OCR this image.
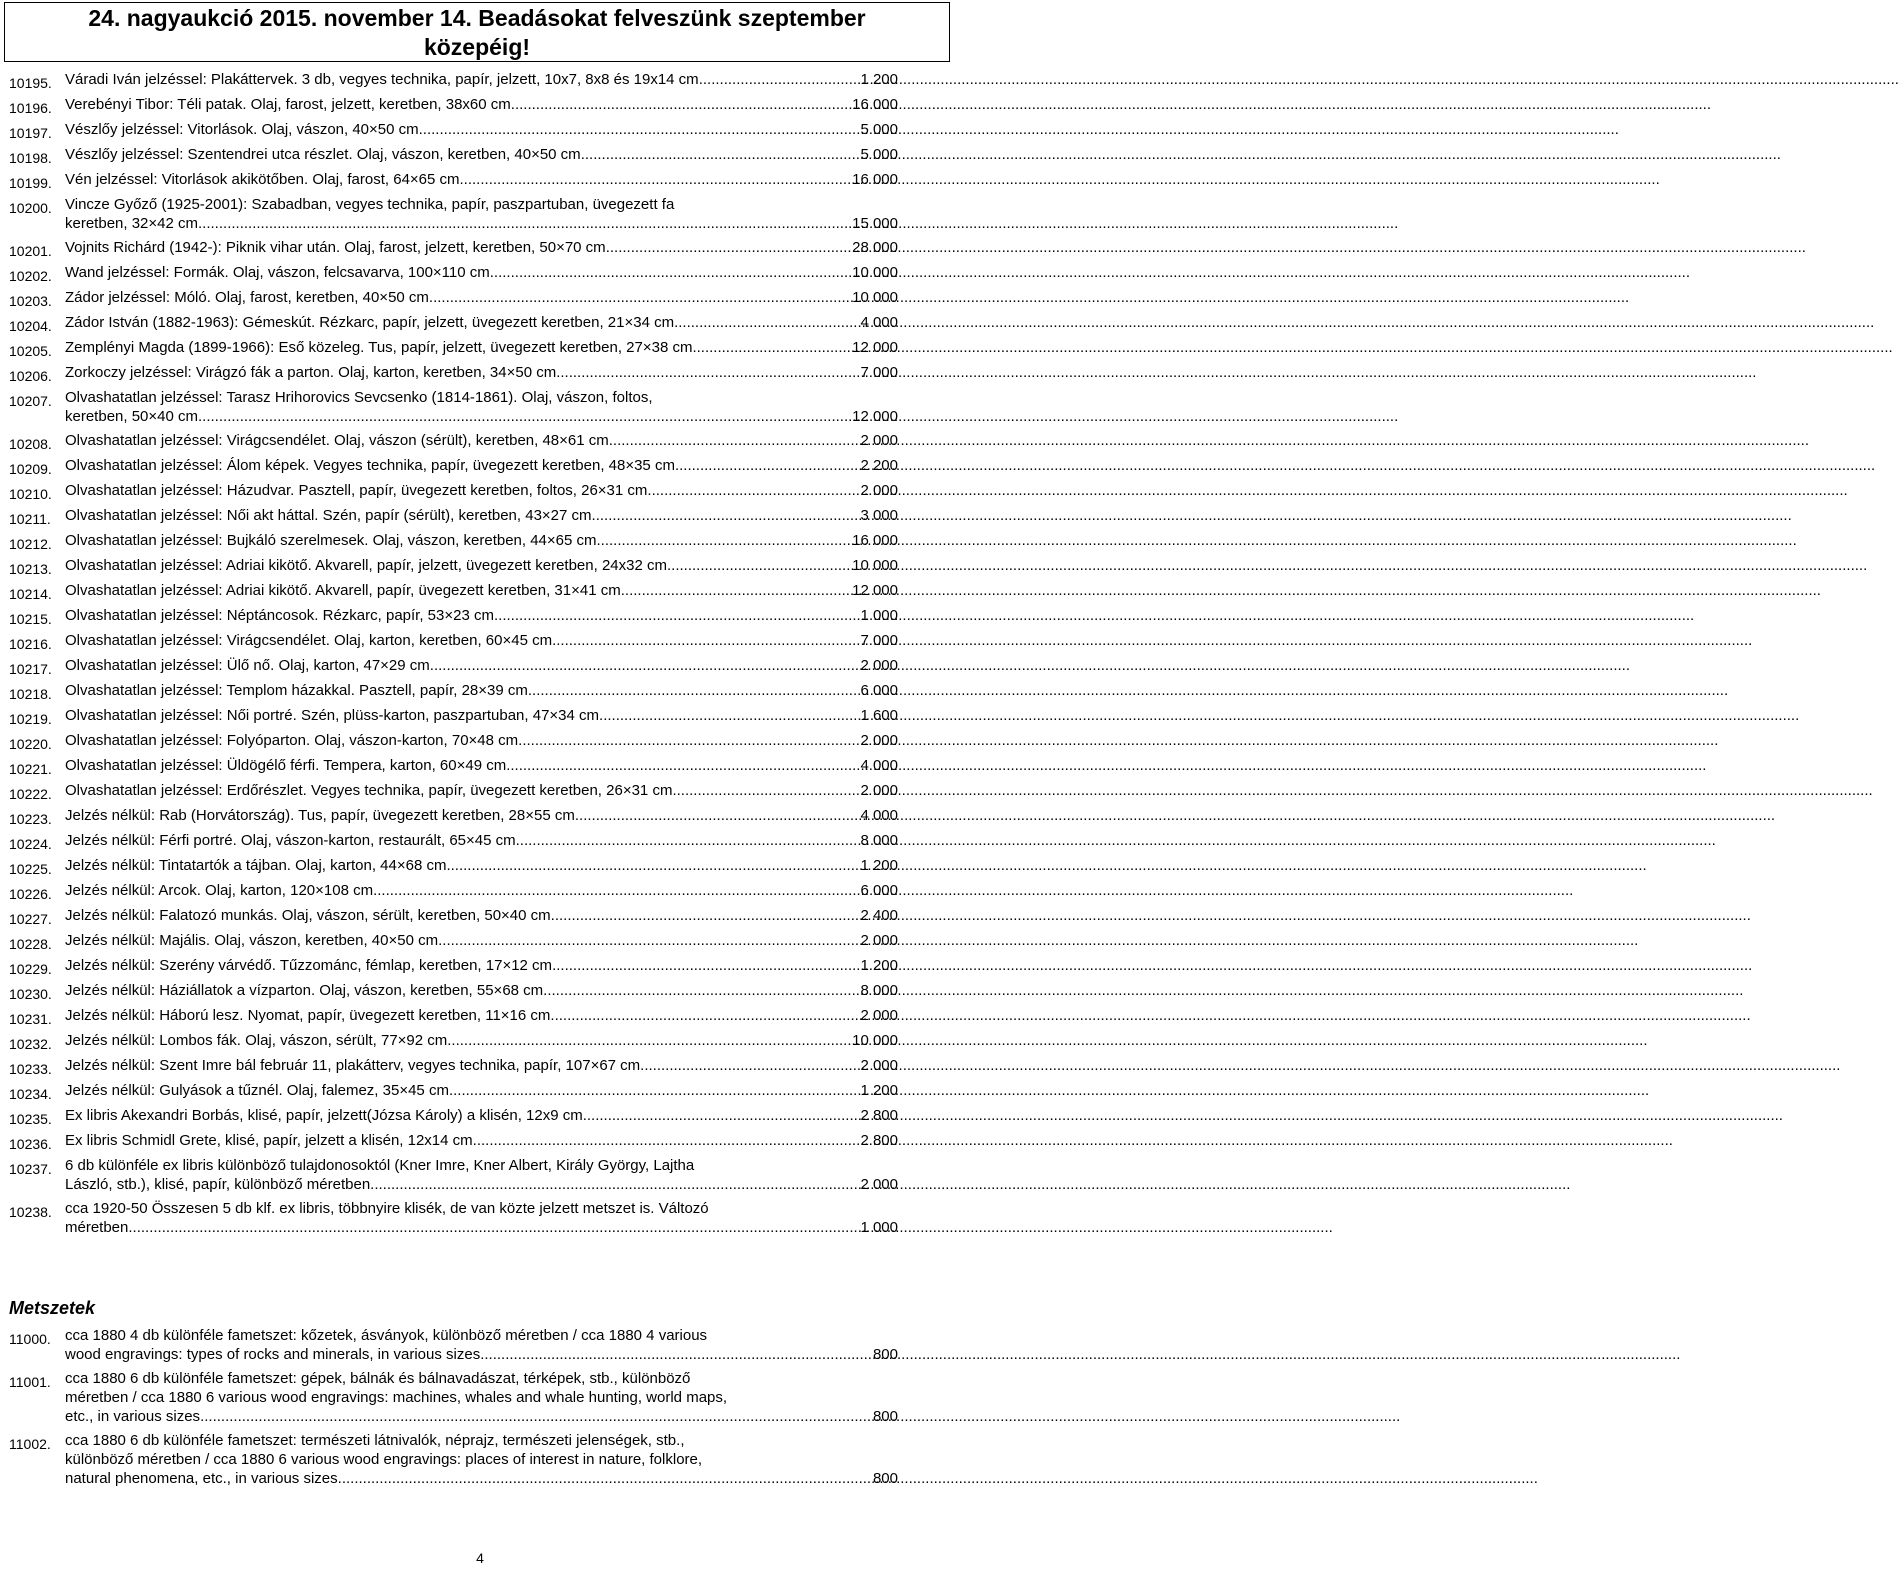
24. nagyaukció 2015. november 14. Beadásokat felveszünk szeptember
közepéig!
10195. Váradi Iván jelzéssel: Plakáttervek. 3 db, vegyes technika, papír, jelzett, 10x7, 8x8 és 19x14 cm .....	1 200
10196. Verebényi Tibor: Téli patak. Olaj, farost, jelzett, keretben, 38x60 cm .....	16 000
10197. Vészlőy jelzéssel: Vitorlások. Olaj, vászon, 40×50 cm .....	5 000
10198. Vészlőy jelzéssel: Szentendrei utca részlet. Olaj, vászon, keretben, 40×50 cm .....	5 000
10199. Vén jelzéssel: Vitorlások akikötőben. Olaj, farost, 64×65 cm .....	16 000
10200. Vincze Győző (1925-2001): Szabadban, vegyes technika, papír, paszpartuban, üvegezett fa
keretben, 32×42 cm .....	15 000
10201. Vojnits Richárd (1942-): Piknik vihar után. Olaj, farost, jelzett, keretben, 50×70 cm .....	28 000
10202. Wand jelzéssel: Formák. Olaj, vászon, felcsavarva, 100×110 cm .....	10 000
10203. Zádor jelzéssel: Móló. Olaj, farost, keretben, 40×50 cm .....	10 000
10204. Zádor István (1882-1963): Gémeskút. Rézkarc, papír, jelzett, üvegezett keretben, 21×34 cm .....	4 000
10205. Zemplényi Magda (1899-1966): Eső közeleg. Tus, papír, jelzett, üvegezett keretben, 27×38 cm .....	12 000
10206. Zorkoczy jelzéssel: Virágzó fák a parton. Olaj, karton, keretben, 34×50 cm .....	7 000
10207. Olvashatatlan jelzéssel: Tarasz Hrihorovics Sevcsenko (1814-1861). Olaj, vászon, foltos,
keretben, 50×40 cm .....	12 000
10208. Olvashatatlan jelzéssel: Virágcsendélet. Olaj, vászon (sérült), keretben, 48×61 cm .....	2 000
10209. Olvashatatlan jelzéssel: Álom képek. Vegyes technika, papír, üvegezett keretben, 48×35 cm .....	2 200
10210. Olvashatatlan jelzéssel: Házudvar. Pasztell, papír, üvegezett keretben, foltos, 26×31 cm .....	2 000
10211. Olvashatatlan jelzéssel: Női akt háttal. Szén, papír (sérült), keretben, 43×27 cm .....	3 000
10212. Olvashatatlan jelzéssel: Bujkáló szerelmesek. Olaj, vászon, keretben, 44×65 cm .....	16 000
10213. Olvashatatlan jelzéssel: Adriai kikötő. Akvarell, papír, jelzett, üvegezett keretben, 24x32 cm .....	10 000
10214. Olvashatatlan jelzéssel: Adriai kikötő. Akvarell, papír, üvegezett keretben, 31×41 cm .....	12 000
10215. Olvashatatlan jelzéssel: Néptáncosok. Rézkarc, papír, 53×23 cm .....	1 000
10216. Olvashatatlan jelzéssel: Virágcsendélet. Olaj, karton, keretben, 60×45 cm .....	7 000
10217. Olvashatatlan jelzéssel: Ülő nő. Olaj, karton, 47×29 cm .....	2 000
10218. Olvashatatlan jelzéssel: Templom házakkal. Pasztell, papír, 28×39 cm .....	6 000
10219. Olvashatatlan jelzéssel: Női portré. Szén, plüss-karton, paszpartuban, 47×34 cm .....	1 600
10220. Olvashatatlan jelzéssel: Folyóparton. Olaj, vászon-karton, 70×48 cm .....	2 000
10221. Olvashatatlan jelzéssel: Üldögélő férfi. Tempera, karton, 60×49 cm .....	4 000
10222. Olvashatatlan jelzéssel: Erdőrészlet. Vegyes technika, papír, üvegezett keretben, 26×31 cm .....	2 000
10223. Jelzés nélkül: Rab (Horvátország). Tus, papír, üvegezett keretben, 28×55 cm .....	4 000
10224. Jelzés nélkül: Férfi portré. Olaj, vászon-karton, restaurált, 65×45 cm .....	8 000
10225. Jelzés nélkül: Tintatartók a tájban. Olaj, karton, 44×68 cm .....	1 200
10226. Jelzés nélkül: Arcok. Olaj, karton, 120×108 cm .....	6 000
10227. Jelzés nélkül: Falatozó munkás. Olaj, vászon, sérült, keretben, 50×40 cm .....	2 400
10228. Jelzés nélkül: Majális. Olaj, vászon, keretben, 40×50 cm .....	2 000
10229. Jelzés nélkül: Szerény várvédő. Tűzzománc, fémlap, keretben, 17×12 cm .....	1 200
10230. Jelzés nélkül: Háziállatok a vízparton. Olaj, vászon, keretben, 55×68 cm .....	8 000
10231. Jelzés nélkül: Háború lesz. Nyomat, papír, üvegezett keretben, 11×16 cm .....	2 000
10232. Jelzés nélkül: Lombos fák. Olaj, vászon, sérült, 77×92 cm .....	10 000
10233. Jelzés nélkül: Szent Imre bál február 11, plakátterv, vegyes technika, papír, 107×67 cm .....	2 000
10234. Jelzés nélkül: Gulyások a tűznél. Olaj, falemez, 35×45 cm .....	1 200
10235. Ex libris Akexandri Borbás, klisé, papír, jelzett(Józsa Károly) a klisén, 12x9 cm .....	2 800
10236. Ex libris Schmidl Grete, klisé, papír, jelzett a klisén, 12x14 cm .....	2 800
10237. 6 db különféle ex libris különböző tulajdonosoktól (Kner Imre, Kner Albert, Király György, Lajtha
László, stb.), klisé, papír, különböző méretben .....	2 000
10238. cca 1920-50 Összesen 5 db klf. ex libris, többnyire klisék, de van közte jelzett metszet is. Változó
méretben. .....	1 000
Metszetek
11000. cca 1880 4 db különféle fametszet: kőzetek, ásványok, különböző méretben / cca 1880 4 various
wood engravings: types of rocks and minerals, in various sizes .....	800
11001. cca 1880 6 db különféle fametszet: gépek, bálnák és bálnavadászat, térképek, stb., különböző
méretben / cca 1880 6 various wood engravings: machines, whales and whale hunting, world maps,
etc., in various sizes .....	800
11002. cca 1880 6 db különféle fametszet: természeti látnivalók, néprajz, természeti jelenségek, stb.,
különböző méretben / cca 1880 6 various wood engravings: places of interest in nature, folklore,
natural phenomena, etc., in various sizes .....	800
4
